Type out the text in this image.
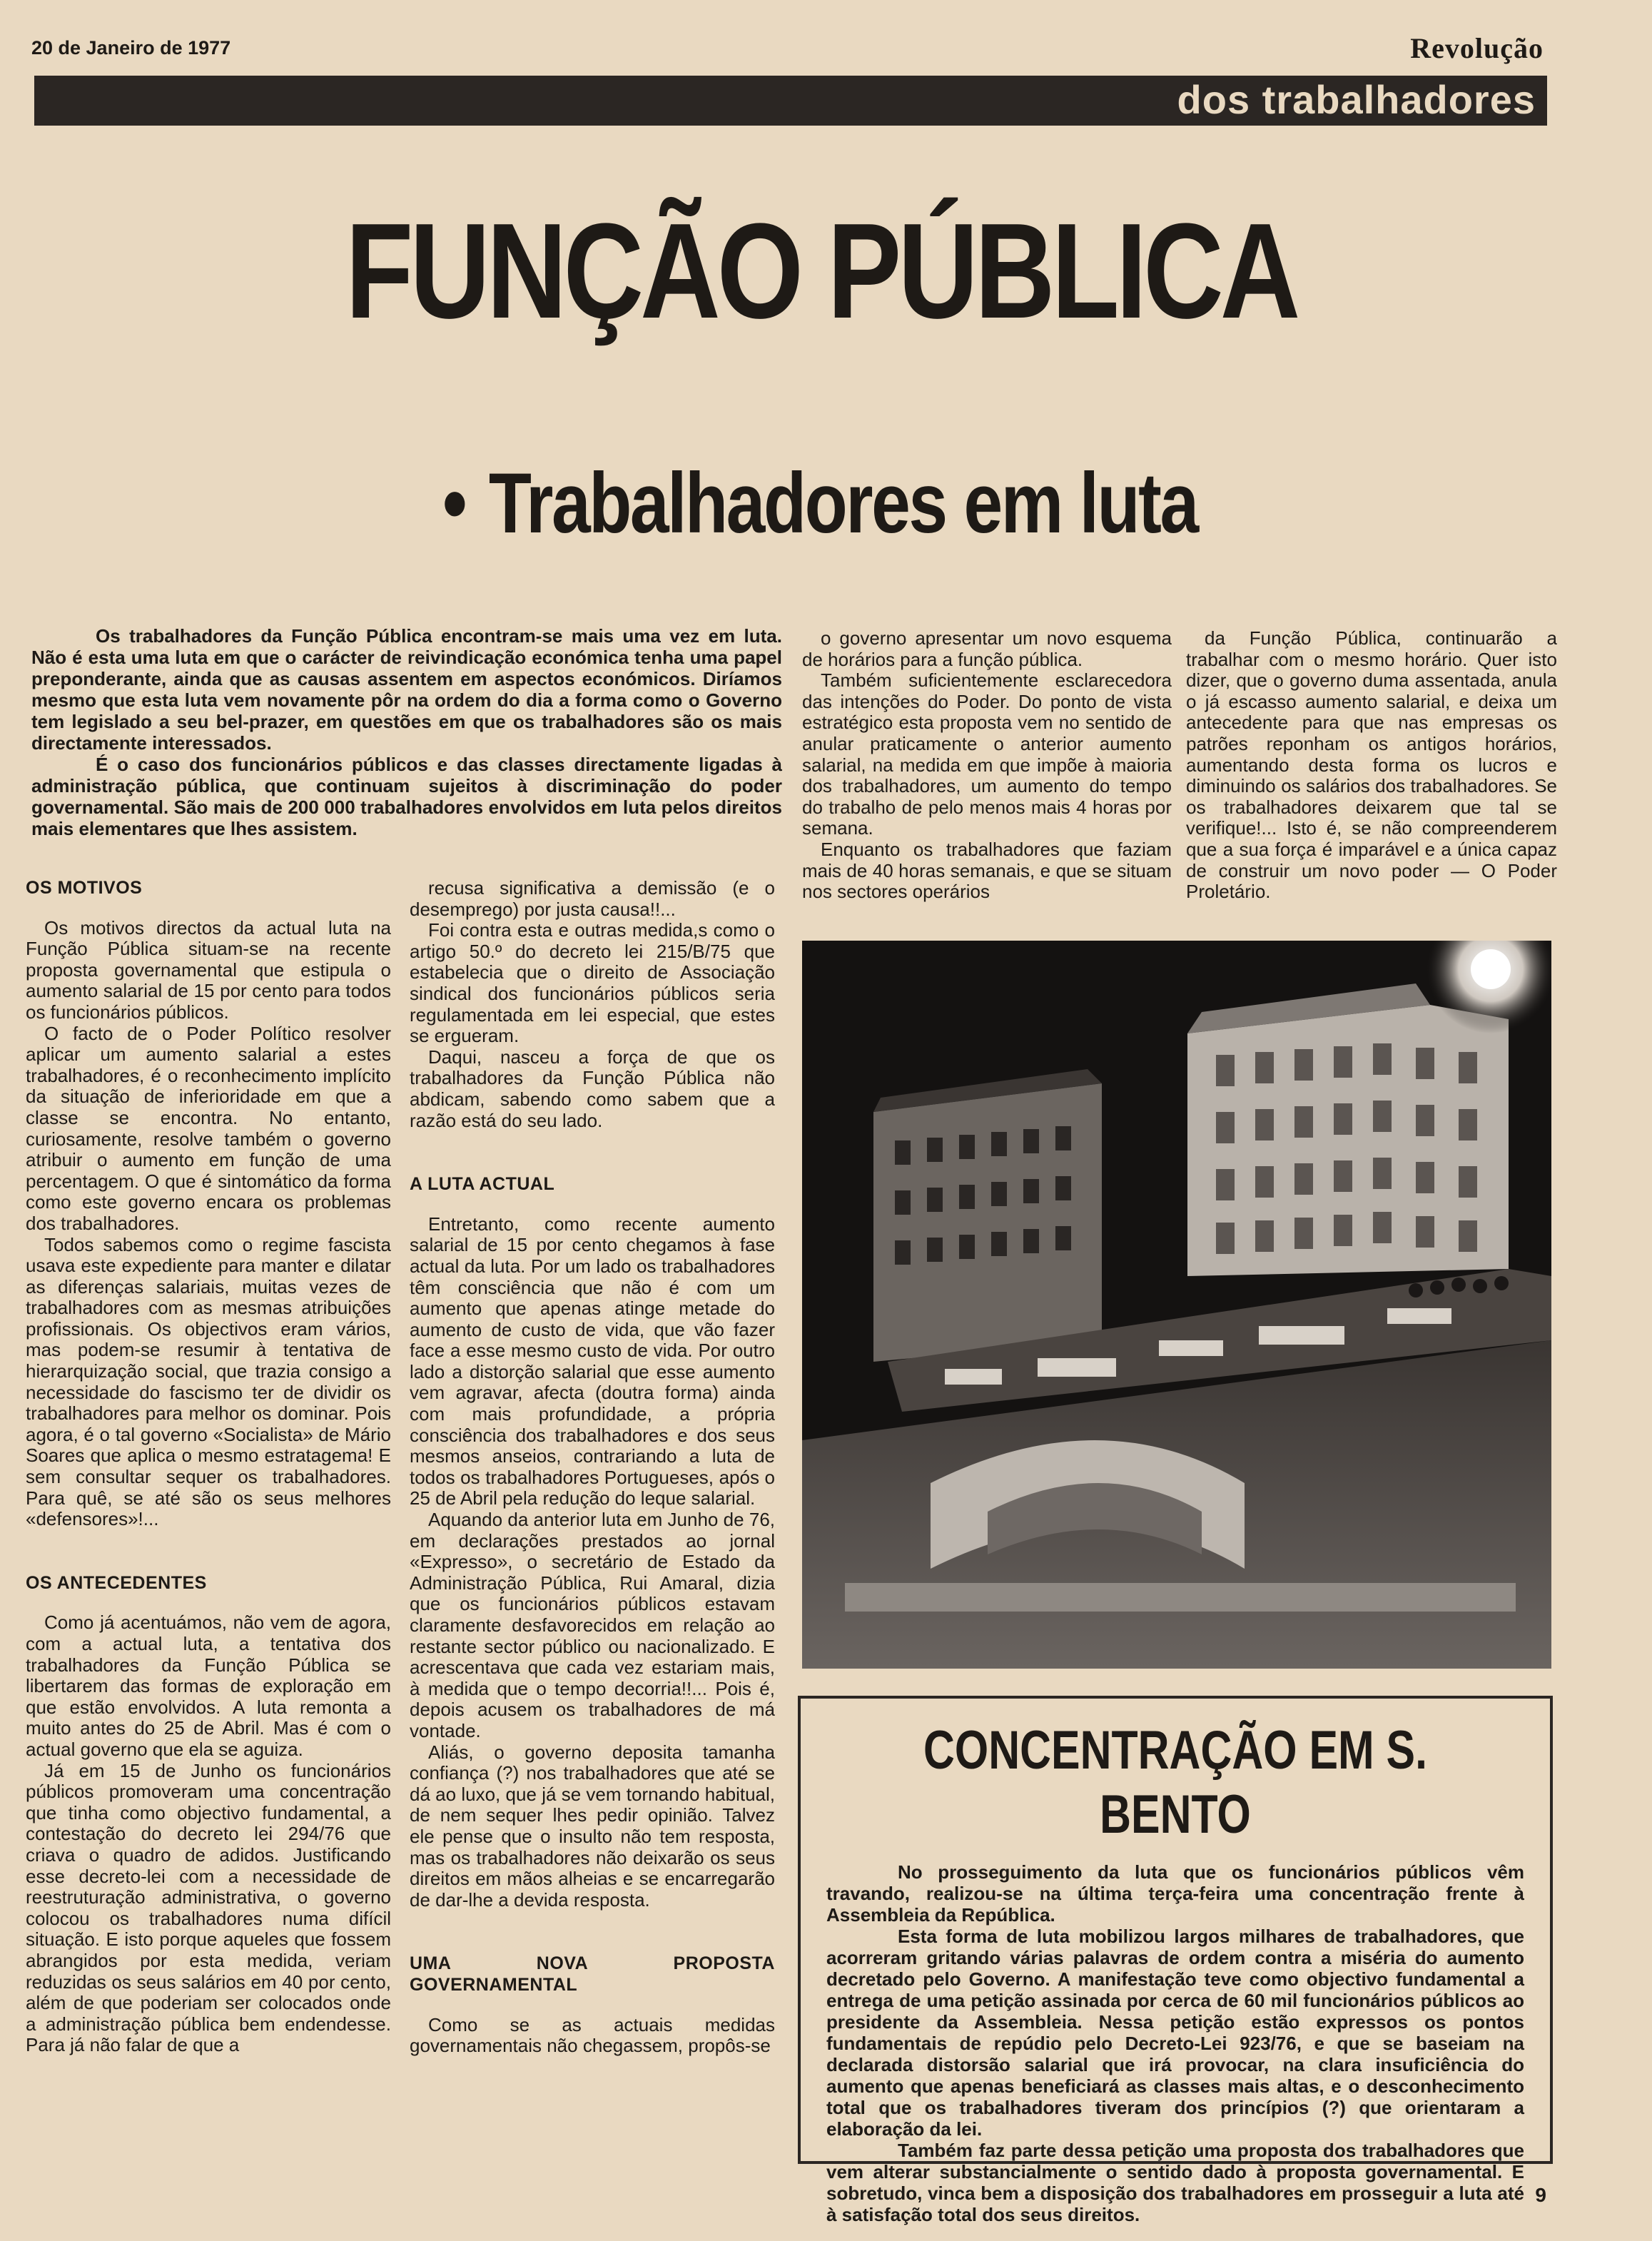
20 de Janeiro de 1977	Revolução
dos trabalhadores
FUNÇÃO PÚBLICA
• Trabalhadores em luta

Os trabalhadores da Função Pública encontram-se mais uma vez em luta. Não é esta uma luta em que o carácter de reivindicação económica tenha uma papel preponderante, ainda que as causas assentem em aspectos económicos. Diríamos mesmo que esta luta vem novamente pôr na ordem do dia a forma como o Governo tem legislado a seu bel-prazer, em questões em que os trabalhadores são os mais directamente interessados.

É o caso dos funcionários públicos e das classes directamente ligadas à administração pública, que continuam sujeitos à discriminação do poder governamental. São mais de 200 000 trabalhadores envolvidos em luta pelos direitos mais elementares que lhes assistem.

OS MOTIVOS

Os motivos directos da actual luta na Função Pública situam-se na recente proposta governamental que estipula o aumento salarial de 15 por cento para todos os funcionários públicos.

O facto de o Poder Político resolver aplicar um aumento salarial a estes trabalhadores, é o reconhecimento implícito da situação de inferioridade em que a classe se encontra. No entanto, curiosamente, resolve também o governo atribuir o aumento em função de uma percentagem. O que é sintomático da forma como este governo encara os problemas dos trabalhadores.

Todos sabemos como o regime fascista usava este expediente para manter e dilatar as diferenças salariais, muitas vezes de trabalhadores com as mesmas atribuições profissionais. Os objectivos eram vários, mas podem-se resumir à tentativa de hierarquização social, que trazia consigo a necessidade do fascismo ter de dividir os trabalhadores para melhor os dominar. Pois agora, é o tal governo «Socialista» de Mário Soares que aplica o mesmo estratagema! E sem consultar sequer os trabalhadores. Para quê, se até são os seus melhores «defensores»!...

OS ANTECEDENTES

Como já acentuámos, não vem de agora, com a actual luta, a tentativa dos trabalhadores da Função Pública se libertarem das formas de exploração em que estão envolvidos. A luta remonta a muito antes do 25 de Abril. Mas é com o actual governo que ela se aguiza.

Já em 15 de Junho os funcionários públicos promoveram uma concentração que tinha como objectivo fundamental, a contestação do decreto lei 294/76 que criava o quadro de adidos. Justificando esse decreto-lei com a necessidade de reestruturação administrativa, o governo colocou os trabalhadores numa difícil situação. E isto porque aqueles que fossem abrangidos por esta medida, veriam reduzidas os seus salários em 40 por cento, além de que poderiam ser colocados onde a administração pública bem endendesse. Para já não falar de que a

recusa significativa a demissão (e o desemprego) por justa causa!!...

Foi contra esta e outras medida,s como o artigo 50.º do decreto lei 215/B/75 que estabelecia que o direito de Associação sindical dos funcionários públicos seria regulamentada em lei especial, que estes se ergueram.

Daqui, nasceu a força de que os trabalhadores da Função Pública não abdicam, sabendo como sabem que a razão está do seu lado.

A LUTA ACTUAL

Entretanto, como recente aumento salarial de 15 por cento chegamos à fase actual da luta. Por um lado os trabalhadores têm consciência que não é com um aumento que apenas atinge metade do aumento de custo de vida, que vão fazer face a esse mesmo custo de vida. Por outro lado a distorção salarial que esse aumento vem agravar, afecta (doutra forma) ainda com mais profundidade, a própria consciência dos trabalhadores e dos seus mesmos anseios, contrariando a luta de todos os trabalhadores Portugueses, após o 25 de Abril pela redução do leque salarial.

Aquando da anterior luta em Junho de 76, em declarações prestados ao jornal «Expresso», o secretário de Estado da Administração Pública, Rui Amaral, dizia que os funcionários públicos estavam claramente desfavorecidos em relação ao restante sector público ou nacionalizado. E acrescentava que cada vez estariam mais, à medida que o tempo decorria!!... Pois é, depois acusem os trabalhadores de má vontade.

Aliás, o governo deposita tamanha confiança (?) nos trabalhadores que até se dá ao luxo, que já se vem tornando habitual, de nem sequer lhes pedir opinião. Talvez ele pense que o insulto não tem resposta, mas os trabalhadores não deixarão os seus direitos em mãos alheias e se encarregarão de dar-lhe a devida resposta.

UMA NOVA PROPOSTA GOVERNAMENTAL

Como se as actuais medidas governamentais não chegassem, propôs-se

o governo apresentar um novo esquema de horários para a função pública.

Também suficientemente esclarecedora das intenções do Poder. Do ponto de vista estratégico esta proposta vem no sentido de anular praticamente o anterior aumento salarial, na medida em que impõe à maioria dos trabalhadores, um aumento do tempo do trabalho de pelo menos mais 4 horas por semana.

Enquanto os trabalhadores que faziam mais de 40 horas semanais, e que se situam nos sectores operários

da Função Pública, continuarão a trabalhar com o mesmo horário. Quer isto dizer, que o governo duma assentada, anula o já escasso aumento salarial, e deixa um antecedente para que nas empresas os patrões reponham os antigos horários, aumentando desta forma os lucros e diminuindo os salários dos trabalhadores. Se os trabalhadores deixarem que tal se verifique!... Isto é, se não compreenderem que a sua força é imparável e a única capaz de construir um novo poder — O Poder Proletário.

CONCENTRAÇÃO EM S. BENTO

No prosseguimento da luta que os funcionários públicos vêm travando, realizou-se na última terça-feira uma concentração frente à Assembleia da República.

Esta forma de luta mobilizou largos milhares de trabalhadores, que acorreram gritando várias palavras de ordem contra a miséria do aumento decretado pelo Governo. A manifestação teve como objectivo fundamental a entrega de uma petição assinada por cerca de 60 mil funcionários públicos ao presidente da Assembleia. Nessa petição estão expressos os pontos fundamentais de repúdio pelo Decreto-Lei 923/76, e que se baseiam na declarada distorsão salarial que irá provocar, na clara insuficiência do aumento que apenas beneficiará as classes mais altas, e o desconhecimento total que os trabalhadores tiveram dos princípios (?) que orientaram a elaboração da lei.

Também faz parte dessa petição uma proposta dos trabalhadores que vem alterar substancialmente o sentido dado à proposta governamental. E sobretudo, vinca bem a disposição dos trabalhadores em prosseguir a luta até à satisfação total dos seus direitos.

9
